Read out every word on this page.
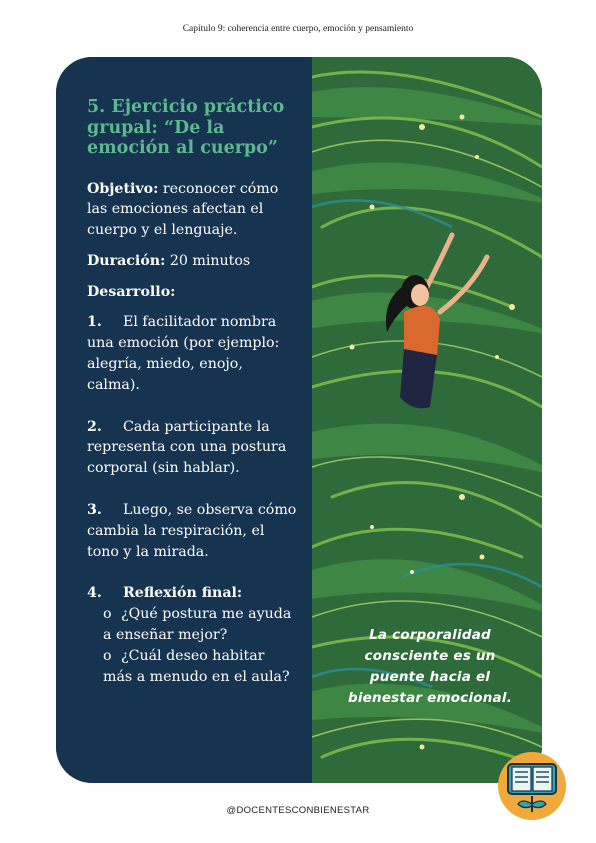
Capítulo 9: coherencia entre cuerpo, emoción y pensamiento
5. Ejercicio práctico grupal: “De la emoción al cuerpo”
Objetivo: reconocer cómo las emociones afectan el cuerpo y el lenguaje.
Duración: 20 minutos
Desarrollo:
1. El facilitador nombra una emoción (por ejemplo: alegría, miedo, enojo, calma).
2. Cada participante la representa con una postura corporal (sin hablar).
3. Luego, se observa cómo cambia la respiración, el tono y la mirada.
4. Reflexión final:
o ¿Qué postura me ayuda a enseñar mejor?
o ¿Cuál deseo habitar más a menudo en el aula?
La corporalidad consciente es un puente hacia el bienestar emocional.
@DOCENTESCONBIENESTAR
